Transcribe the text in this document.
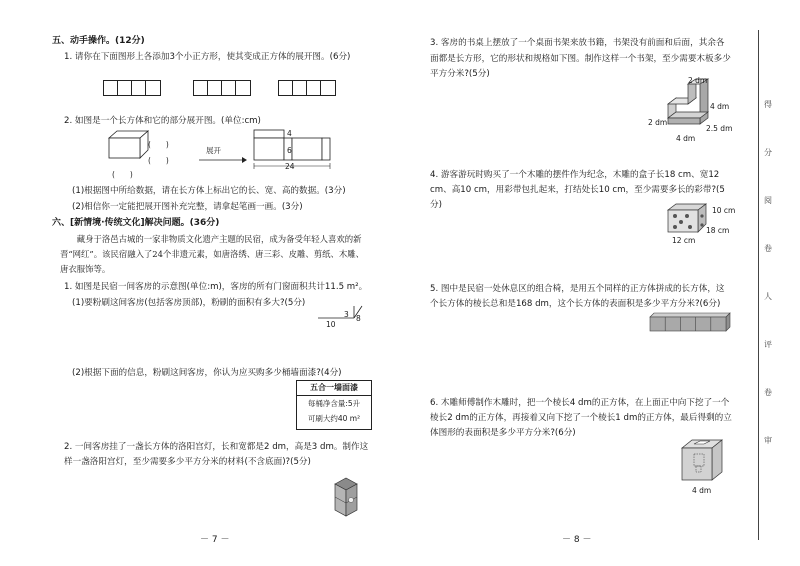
五、动手操作。(12分)
1. 请你在下面图形上各添加3个小正方形，使其变成正方体的展开图。(6分)
2. 如图是一个长方体和它的部分展开图。(单位:cm)
(　　)
(　　)
(　　)
展开
4
6
24
(1)根据图中所给数据，请在长方体上标出它的长、宽、高的数据。(3分)
(2)相信你一定能把展开图补充完整，请拿起笔画一画。(3分)
六、[新情境·传统文化]解决问题。(36分)
　　藏身于洛邑古城的一家非物质文化遗产主题的民宿，成为备受年轻人喜欢的新晋“网红”。该民宿融入了24个非遗元素，如唐洛绣、唐三彩、皮雕、剪纸、木雕、唐衣服饰等。
1. 如图是民宿一间客房的示意图(单位:m)，客房的所有门窗面积共计11.5 m²。
(1)要粉刷这间客房(包括客房顶部)，粉刷的面积有多大?(5分)
3 8
10
(2)根据下面的信息，粉刷这间客房，你认为应买购多少桶墙面漆?(4分)
五合一墙面漆
每桶净含量:5升
可刷大约40 m²
2. 一间客房挂了一盏长方体的洛阳宫灯，长和宽都是2 dm，高是3 dm。制作这样一盏洛阳宫灯，至少需要多少平方分米的材料(不含底面)?(5分)
－ 7 －
3. 客房的书桌上摆放了一个桌面书架来放书籍，书架没有前面和后面，其余各面都是长方形，它的形状和规格如下图。制作这样一个书架，至少需要木板多少平方分米?(5分)
2 dm
4 dm
2 dm
2.5 dm
4 dm
4. 游客游玩时购买了一个木雕的摆件作为纪念，木雕的盒子长18 cm、宽12 cm、高10 cm，用彩带包扎起来，打结处长10 cm，至少需要多长的彩带?(5分)
10 cm
18 cm
12 cm
5. 图中是民宿一处休息区的组合椅，是用五个同样的正方体拼成的长方体，这个长方体的棱长总和是168 dm，这个长方体的表面积是多少平方分米?(6分)
6. 木雕师傅制作木雕时，把一个棱长4 dm的正方体，在上面正中向下挖了一个棱长2 dm的正方体，再接着又向下挖了一个棱长1 dm的正方体，最后得剩的立体图形的表面积是多少平方分米?(6分)
4 dm
－ 8 －
得
分
阅
卷
人
评
卷
审
